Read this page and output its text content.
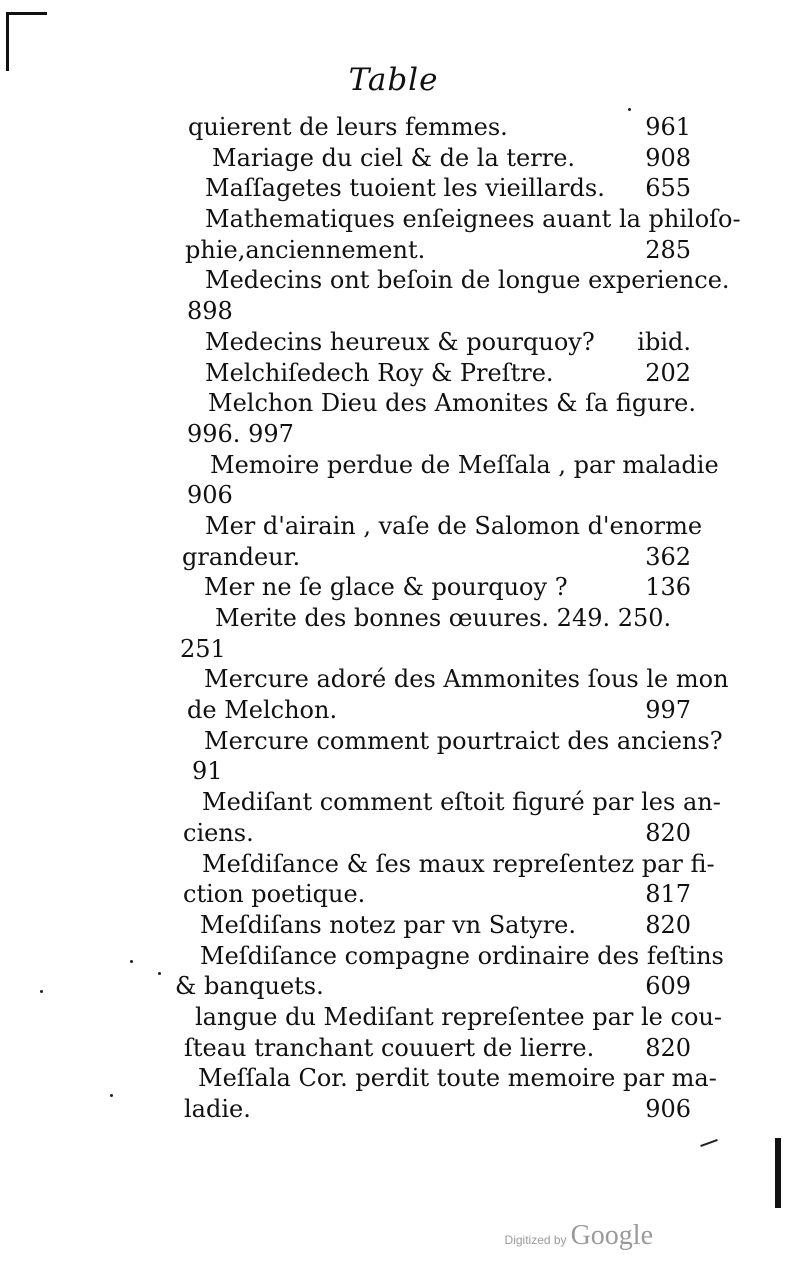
Table
quierent de leurs femmes.	961
Mariage du ciel & de la terre.	908
Maſſagetes tuoient les vieillards. 655
Mathematiques enſeignees auant la philoſo-
phie,anciennement.	285
Medecins ont beſoin de longue experience.
898
Medecins heureux & pourquoy? ibid.
Melchiſedech Roy & Preſtre.	202
Melchon Dieu des Amonites & ſa figure.
996. 997
Memoire perdue de Meſſala , par maladie
906
Mer d'airain , vaſe de Salomon d'enorme
grandeur.	362
Mer ne ſe glace & pourquoy ?	136
Merite des bonnes œuures. 249. 250.
251
Mercure adoré des Ammonites ſous le mon
de Melchon.	997
Mercure comment pourtraict des anciens?
91
Mediſant comment eſtoit figuré par les an-
ciens.	820
Meſdiſance & ſes maux repreſentez par fi-
ction poetique.	817
Meſdiſans notez par vn Satyre.	820
Meſdiſance compagne ordinaire des feſtins
& banquets.	609
langue du Mediſant repreſentee par le cou-
ſteau tranchant couuert de lierre. 820
Meſſala Cor. perdit toute memoire par ma-
ladie.	906
Digitized by Google
